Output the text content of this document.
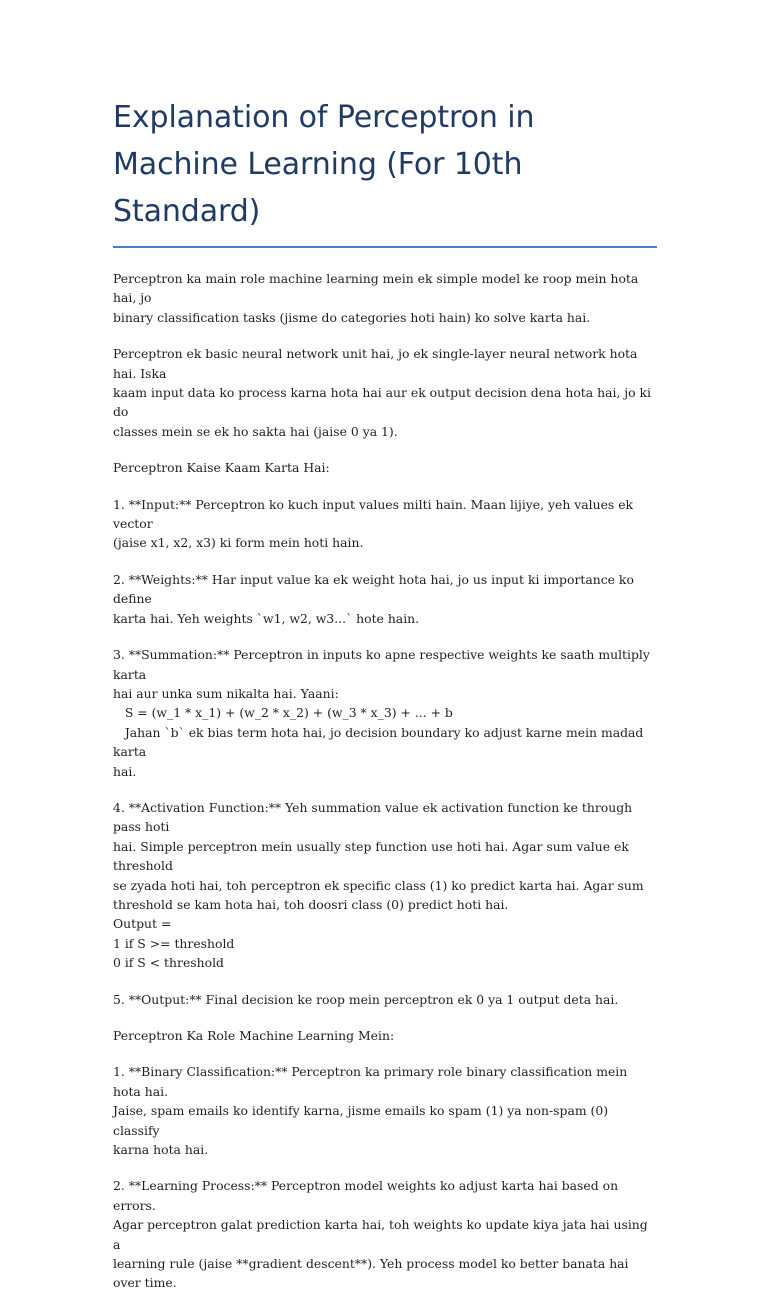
Explanation of Perceptron in Machine Learning (For 10th Standard)

Perceptron ka main role machine learning mein ek simple model ke roop mein hota hai, jo
binary classification tasks (jisme do categories hoti hain) ko solve karta hai.

Perceptron ek basic neural network unit hai, jo ek single-layer neural network hota hai. Iska
kaam input data ko process karna hota hai aur ek output decision dena hota hai, jo ki do
classes mein se ek ho sakta hai (jaise 0 ya 1).

Perceptron Kaise Kaam Karta Hai:

1. **Input:** Perceptron ko kuch input values milti hain. Maan lijiye, yeh values ek vector
(jaise x1, x2, x3) ki form mein hoti hain.

2. **Weights:** Har input value ka ek weight hota hai, jo us input ki importance ko define
karta hai. Yeh weights `w1, w2, w3...` hote hain.

3. **Summation:** Perceptron in inputs ko apne respective weights ke saath multiply karta
hai aur unka sum nikalta hai. Yaani:
S = (w_1 * x_1) + (w_2 * x_2) + (w_3 * x_3) + ... + b
Jahan `b` ek bias term hota hai, jo decision boundary ko adjust karne mein madad karta
hai.

4. **Activation Function:** Yeh summation value ek activation function ke through pass hoti
hai. Simple perceptron mein usually step function use hoti hai. Agar sum value ek threshold
se zyada hoti hai, toh perceptron ek specific class (1) ko predict karta hai. Agar sum
threshold se kam hota hai, toh doosri class (0) predict hoti hai.
Output =
1 if S >= threshold
0 if S < threshold

5. **Output:** Final decision ke roop mein perceptron ek 0 ya 1 output deta hai.

Perceptron Ka Role Machine Learning Mein:

1. **Binary Classification:** Perceptron ka primary role binary classification mein hota hai.
Jaise, spam emails ko identify karna, jisme emails ko spam (1) ya non-spam (0) classify
karna hota hai.

2. **Learning Process:** Perceptron model weights ko adjust karta hai based on errors.
Agar perceptron galat prediction karta hai, toh weights ko update kiya jata hai using a
learning rule (jaise **gradient descent**). Yeh process model ko better banata hai over time.
